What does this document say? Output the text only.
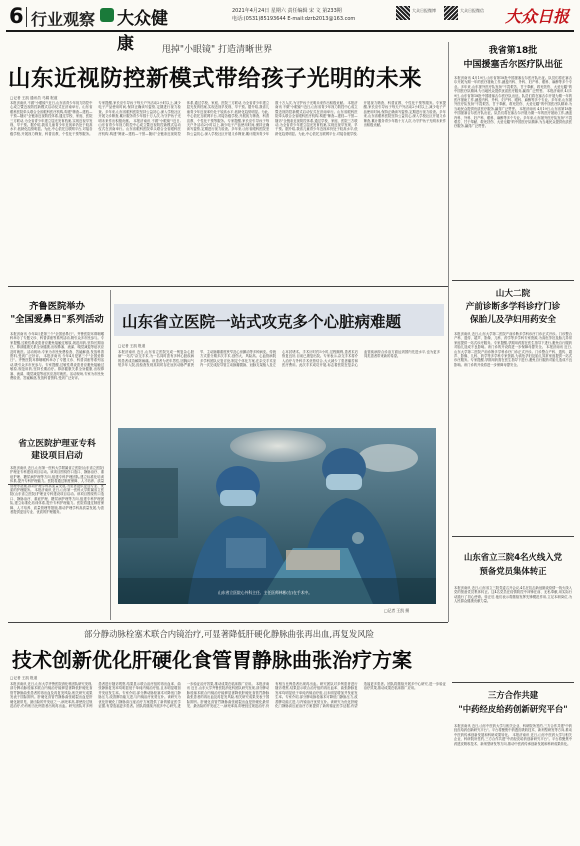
6 行业观察 大众健康
2021年4月24日 星期六 责任编辑 宋 文 第233期
电话:(0531)85193644 E-mail:dzrb2013@163.com
大众日报微博	大众日报微信 大众日报
甩掉"小眼镜" 打造清晰世界
山东近视防控新模式带给孩子光明的未来
□记者 王凯 通讯员 马娟 报道
本报济南讯 不做"小眼镜"!近日,山东省青少年视力防控中心成立暨近视防控新模式启动仪式在济南举行。山东省眼科医院牵头联合全省眼科医疗机构,构建"筛查—建档—干预—随访"全链条近视防控体系,通过学校、家庭、医院三方联动,为全省青少年建立屈光发育档案,实现近视早发现、早干预。据介绍,我省儿童青少年近视率仍处于较高水平,低龄化趋势明显。为此,中心依托互联网平台,对接各级学校,开展视力筛查、科普宣教、个性化干预等服务。专家提醒,家长应引导孩子每天户外活动2小时以上,减少电子产品使用时间,保持正确读写姿势,定期进行视力检查。多年来,山东省眼科医院坚持公益初心,深入学校社区开展义诊筛查,累计服务青少年数十万人次,为守护孩子光明未来作出积极贡献。 本报济南讯 不做"小眼镜"!近日,山东省青少年视力防控中心成立暨近视防控新模式启动仪式在济南举行。山东省眼科医院牵头联合全省眼科医疗机构,构建"筛查—建档—干预—随访"全链条近视防控体系,通过学校、家庭、医院三方联动,为全省青少年建立屈光发育档案,实现近视早发现、早干预。据介绍,我省儿童青少年近视率仍处于较高水平,低龄化趋势明显。为此,中心依托互联网平台,对接各级学校,开展视力筛查、科普宣教、个性化干预等服务。专家提醒,家长应引导孩子每天户外活动2小时以上,减少电子产品使用时间,保持正确读写姿势,定期进行视力检查。多年来,山东省眼科医院坚持公益初心,深入学校社区开展义诊筛查,累计服务青少年数十万人次,为守护孩子光明未来作出积极贡献。 本报济南讯 不做"小眼镜"!近日,山东省青少年视力防控中心成立暨近视防控新模式启动仪式在济南举行。山东省眼科医院牵头联合全省眼科医疗机构,构建"筛查—建档—干预—随访"全链条近视防控体系,通过学校、家庭、医院三方联动,为全省青少年建立屈光发育档案,实现近视早发现、早干预。据介绍,我省儿童青少年近视率仍处于较高水平,低龄化趋势明显。为此,中心依托互联网平台,对接各级学校,开展视力筛查、科普宣教、个性化干预等服务。专家提醒,家长应引导孩子每天户外活动2小时以上,减少电子产品使用时间,保持正确读写姿势,定期进行视力检查。多年来,山东省眼科医院坚持公益初心,深入学校社区开展义诊筛查,累计服务青少年数十万人次,为守护孩子光明未来作出积极贡献。
齐鲁医院举办
"全国爱鼻日"系列活动
本报济南讯 今年4月是第三个"全国爱鼻日"。齐鲁医院耳鼻咽喉科举办了专题义诊、科普讲座等系列活动,吸引众多市民参与。专家提醒,过敏性鼻炎患者应避免接触过敏原,规范用药,坚持长期治疗。鼻部健康关系全身健康,出现鼻塞、流涕、嗅觉减退等症状应及时就医。活动现场,专家为市民免费检查、答疑解惑,发放科普资料,受到广泛好评。 本报济南讯 今年4月是第三个"全国爱鼻日"。齐鲁医院耳鼻咽喉科举办了专题义诊、科普讲座等系列活动,吸引众多市民参与。专家提醒,过敏性鼻炎患者应避免接触过敏原,规范用药,坚持长期治疗。鼻部健康关系全身健康,出现鼻塞、流涕、嗅觉减退等症状应及时就医。活动现场,专家为市民免费检查、答疑解惑,发放科普资料,受到广泛好评。
省立医院护理亚专科
建设项目启动
本报济南讯 近日,山东第一医科大学附属省立医院(山东省立医院)护理亚专科建设项目启动。该项目围绕伤口造口、静脉治疗、重症护理、糖尿病护理等方向,组建专科护理团队,建立标准化培训体系,提升专科护理能力。医院将通过制度保障、人才培养、质量管理等措施,推动护理学科高质量发展,为患者提供更加专业、优质的护理服务。 本报济南讯 近日,山东第一医科大学附属省立医院(山东省立医院)护理亚专科建设项目启动。该项目围绕伤口造口、静脉治疗、重症护理、糖尿病护理等方向,组建专科护理团队,建立标准化培训体系,提升专科护理能力。医院将通过制度保障、人才培养、质量管理等措施,推动护理学科高质量发展,为患者提供更加专业、优质的护理服务。
山东省立医院一站式攻克多个心脏病难题
□记者 王凯 报道
本报济南讯 近日,山东省立医院完成一例复杂心脏病"一站式"杂交手术,为一名同时患有多种心脏疾病的患者成功解除病痛。该患者为老年男性,因胸闷气短多年入院,经检查发现其同时存在冠状动脉严重狭窄、主动脉瓣重度狭窄及心房颤动等多种病变。传统方式需分期多次手术,创伤大、风险高。心血管病院多学科团队反复讨论,制定个体化方案,在杂交手术室内一次完成经导管主动脉瓣置换、冠脉支架植入及左心耳封堵术。手术历时约3小时,过程顺利,患者术后恢复良好,目前已康复出院。专家表示,杂交手术将介入治疗与外科手术优势结合,大大减少了患者痛苦和医疗费用。此次手术成功开展,标志着医院在复杂心血管疾病综合诊治方面达到国内先进水平,也为更多同类患者带来新的希望。
山东省立医院心外科主任、主任医师林彬(右)在手术中。
□记者 王凯 摄
我省第18批
中国援塞舌尔医疗队出征
本报济南讯 4月19日,山东省第18批中国援塞舌尔医疗队出征。队员们将在塞舌尔开展为期一年的医疗援助工作,涵盖内科、外科、妇产科、眼科、麻醉等多个专业。多年来,山东援外医疗队发扬"不畏艰苦、甘于奉献、救死扶伤、大爱无疆"的中国医疗队精神,为当地民众提供优质医疗服务,赢得广泛赞誉。 本报济南讯 4月19日,山东省第18批中国援塞舌尔医疗队出征。队员们将在塞舌尔开展为期一年的医疗援助工作,涵盖内科、外科、妇产科、眼科、麻醉等多个专业。多年来,山东援外医疗队发扬"不畏艰苦、甘于奉献、救死扶伤、大爱无疆"的中国医疗队精神,为当地民众提供优质医疗服务,赢得广泛赞誉。 本报济南讯 4月19日,山东省第18批中国援塞舌尔医疗队出征。队员们将在塞舌尔开展为期一年的医疗援助工作,涵盖内科、外科、妇产科、眼科、麻醉等多个专业。多年来,山东援外医疗队发扬"不畏艰苦、甘于奉献、救死扶伤、大爱无疆"的中国医疗队精神,为当地民众提供优质医疗服务,赢得广泛赞誉。
山大二院
产前诊断多学科诊疗门诊
保胎儿及孕妇用药安全
本报济南讯 近日,山东大学第二医院产前诊断多学科诊疗门诊正式开诊。门诊整合产科、遗传、超声、影像、儿科、药学等多学科专家资源,为高危孕妇及胎儿异常家庭提供一站式诊疗服务。专家提醒,孕期用药需在医生指导下进行,避免自行服药对胎儿造成不良影响。该门诊的开设将进一步保障母婴安全。 本报济南讯 近日,山东大学第二医院产前诊断多学科诊疗门诊正式开诊。门诊整合产科、遗传、超声、影像、儿科、药学等多学科专家资源,为高危孕妇及胎儿异常家庭提供一站式诊疗服务。专家提醒,孕期用药需在医生指导下进行,避免自行服药对胎儿造成不良影响。该门诊的开设将进一步保障母婴安全。
山东省立三院4名火线入党
预备党员集体转正
本报济南讯 近日,山东省立三院党委召开会议,4名在抗击新冠肺炎疫情一线火线入党的预备党员集体转正。这4名党员在疫情防控中冲锋在前、无私奉献,用实际行动践行了初心使命。转正后,他们表示将继续发挥先锋模范作用,立足本职岗位,为人民群众健康贡献力量。
三方合作共建
"中药经皮给药创新研究平台"
本报济南讯 近日,山东中医药大学与相关企业、科研院所签约,三方合作共建"中药经皮给药创新研究平台"。平台将聚焦中药透皮吸收技术、新剂型研发等方向,推动中医药传承创新发展和科研成果转化。 本报济南讯 近日,山东中医药大学与相关企业、科研院所签约,三方合作共建"中药经皮给药创新研究平台"。平台将聚焦中药透皮吸收技术、新剂型研发等方向,推动中医药传承创新发展和科研成果转化。
部分静动脉栓塞术联合内镜治疗,可显著降低肝硬化静脉曲张再出血,再复发风险
技术创新优化肝硬化食管胃静脉曲张治疗方案
□记者 王凯 报道
本报济南讯 近日,山东大学齐鲁医院消化科团队研究发现,部分脾动脉栓塞术联合内镜治疗能够显著降低肝硬化食管胃静脉曲张患者的再出血及再复发风险,相关研究成果发表于国际期刊。肝硬化食管胃静脉曲张破裂出血是肝硬化最常见、最凶险的并发症之一,病死率高,即使经过规范治疗,仍有相当比例患者出现再出血。研究团队对多例患者进行随访观察,结果显示联合治疗组的再出血率、曲张静脉复发率均明显低于单纯内镜治疗组,且未明显增加并发症发生率。专家介绍,部分脾动脉栓塞术可降低门静脉压力,改善脾功能亢进,与内镜治疗优势互补。该研究为优化肝硬化门静脉高压症治疗方案提供了新的循证医学证据,有望造福更多患者。团队将继续开展多中心研究,进一步验证治疗效果,推动成果在临床推广应用。 本报济南讯 近日,山东大学齐鲁医院消化科团队研究发现,部分脾动脉栓塞术联合内镜治疗能够显著降低肝硬化食管胃静脉曲张患者的再出血及再复发风险,相关研究成果发表于国际期刊。肝硬化食管胃静脉曲张破裂出血是肝硬化最常见、最凶险的并发症之一,病死率高,即使经过规范治疗,仍有相当比例患者出现再出血。研究团队对多例患者进行随访观察,结果显示联合治疗组的再出血率、曲张静脉复发率均明显低于单纯内镜治疗组,且未明显增加并发症发生率。专家介绍,部分脾动脉栓塞术可降低门静脉压力,改善脾功能亢进,与内镜治疗优势互补。该研究为优化肝硬化门静脉高压症治疗方案提供了新的循证医学证据,有望造福更多患者。团队将继续开展多中心研究,进一步验证治疗效果,推动成果在临床推广应用。
